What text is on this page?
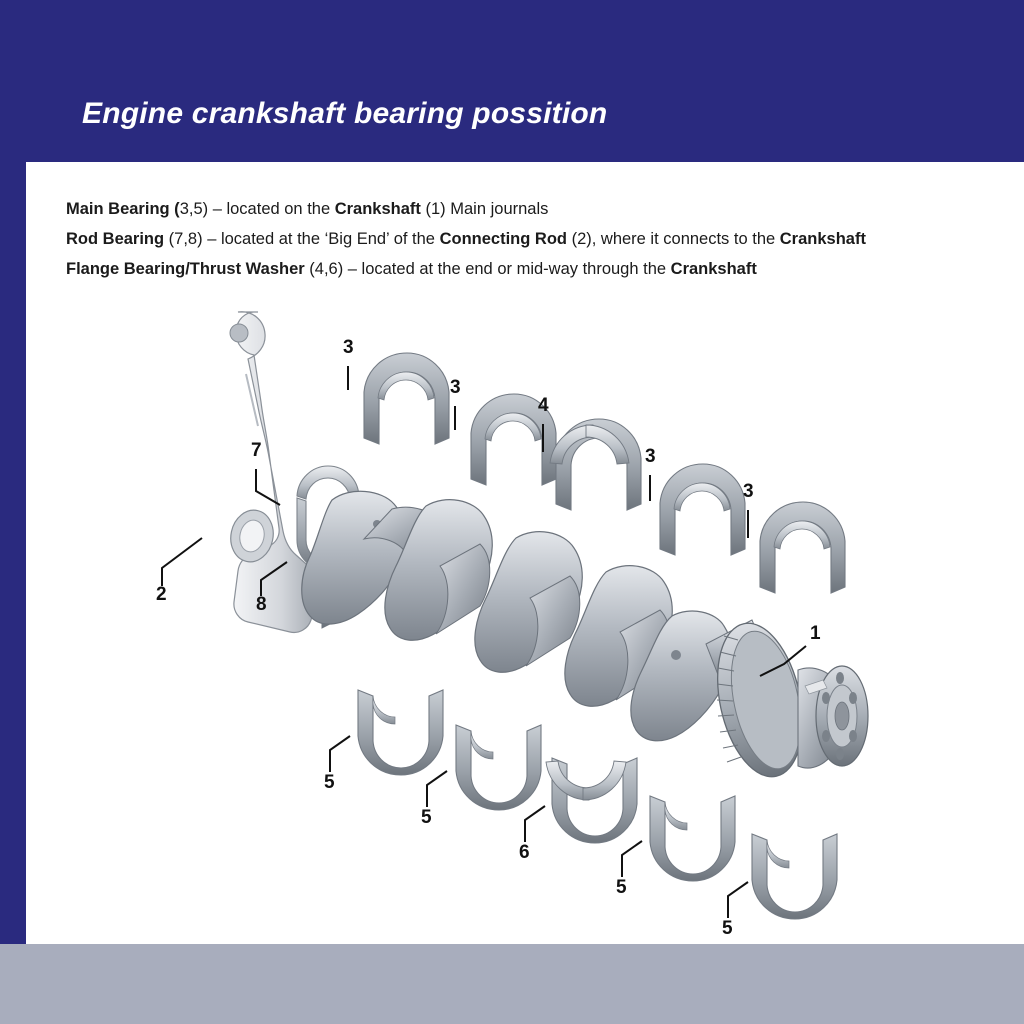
Engine crankshaft bearing possition
Main Bearing (3,5) – located on the Crankshaft (1) Main journals
Rod Bearing (7,8) – located at the ‘Big End’ of the Connecting Rod (2), where it connects to the Crankshaft
Flange Bearing/Thrust Washer (4,6) – located at the end or mid-way through the Crankshaft
3
3
4
3
3
7
2	8
1
5
5
6
5
5
